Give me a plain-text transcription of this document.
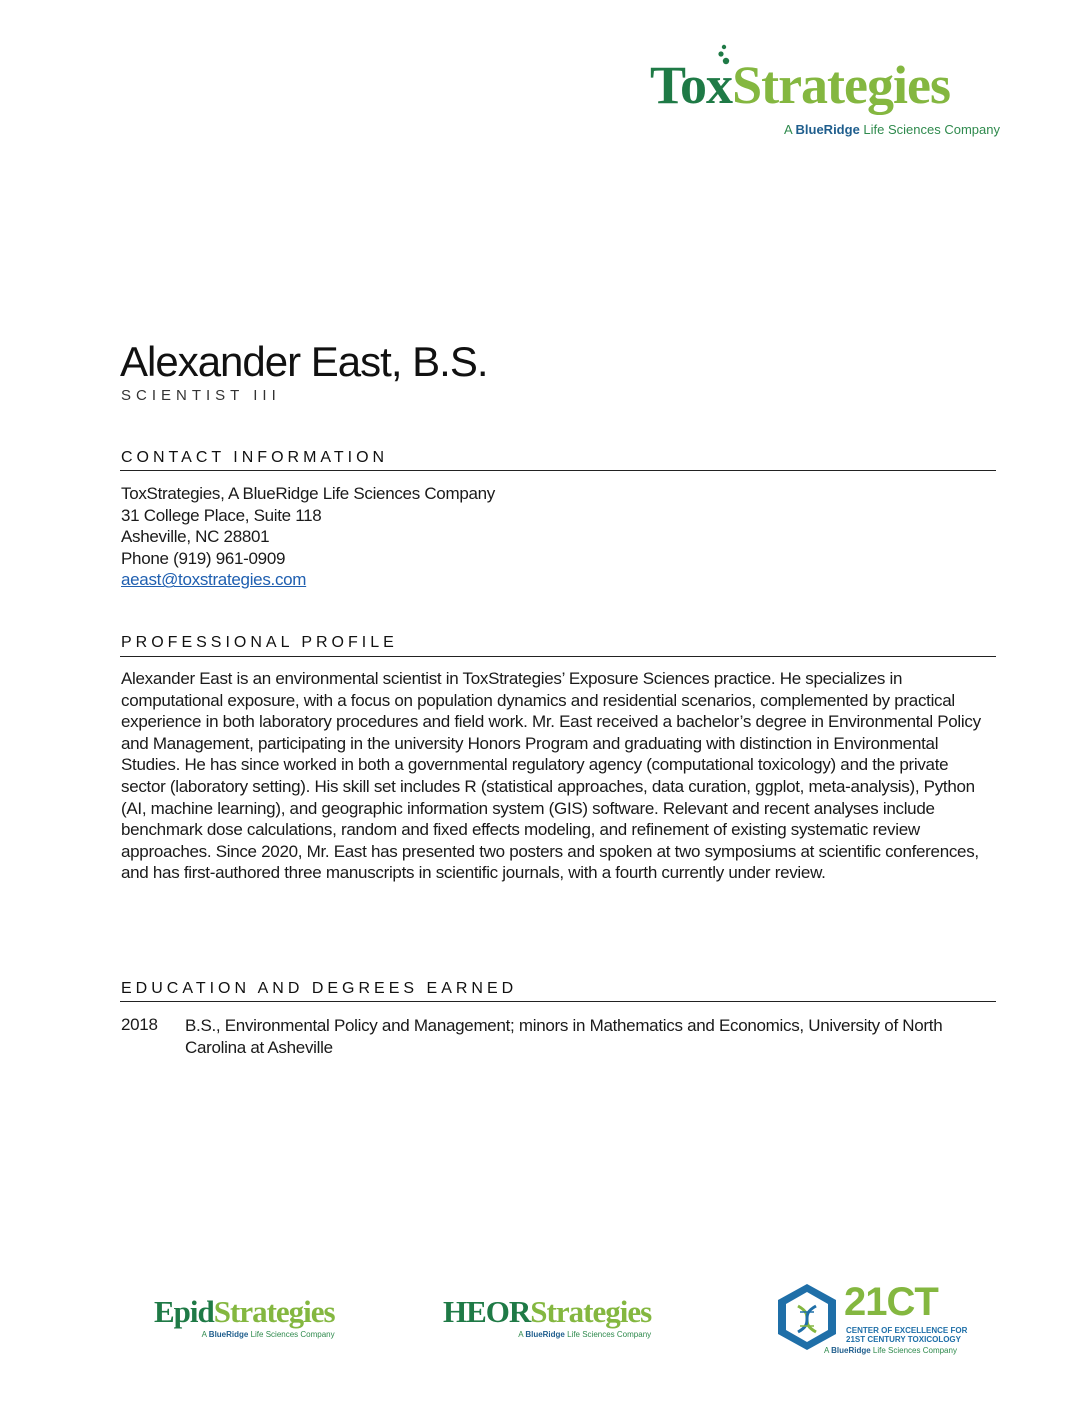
ToxStrategies
A BlueRidge Life Sciences Company
Alexander East, B.S.
SCIENTIST III
CONTACT INFORMATION
ToxStrategies, A BlueRidge Life Sciences Company
31 College Place, Suite 118
Asheville, NC 28801
Phone (919) 961-0909
aeast@toxstrategies.com
PROFESSIONAL PROFILE
Alexander East is an environmental scientist in ToxStrategies’ Exposure Sciences practice. He specializes in computational exposure, with a focus on population dynamics and residential scenarios, complemented by practical experience in both laboratory procedures and field work. Mr. East received a bachelor’s degree in Environmental Policy and Management, participating in the university Honors Program and graduating with distinction in Environmental Studies. He has since worked in both a governmental regulatory agency (computational toxicology) and the private sector (laboratory setting). His skill set includes R (statistical approaches, data curation, ggplot, meta-analysis), Python (AI, machine learning), and geographic information system (GIS) software. Relevant and recent analyses include benchmark dose calculations, random and fixed effects modeling, and refinement of existing systematic review approaches. Since 2020, Mr. East has presented two posters and spoken at two symposiums at scientific conferences, and has first-authored three manuscripts in scientific journals, with a fourth currently under review.
EDUCATION AND DEGREES EARNED
2018 B.S., Environmental Policy and Management; minors in Mathematics and Economics, University of North Carolina at Asheville
EpidStrategies
A BlueRidge Life Sciences Company
HEORStrategies
A BlueRidge Life Sciences Company
21CT
CENTER OF EXCELLENCE FOR
21ST CENTURY TOXICOLOGY
A BlueRidge Life Sciences Company
